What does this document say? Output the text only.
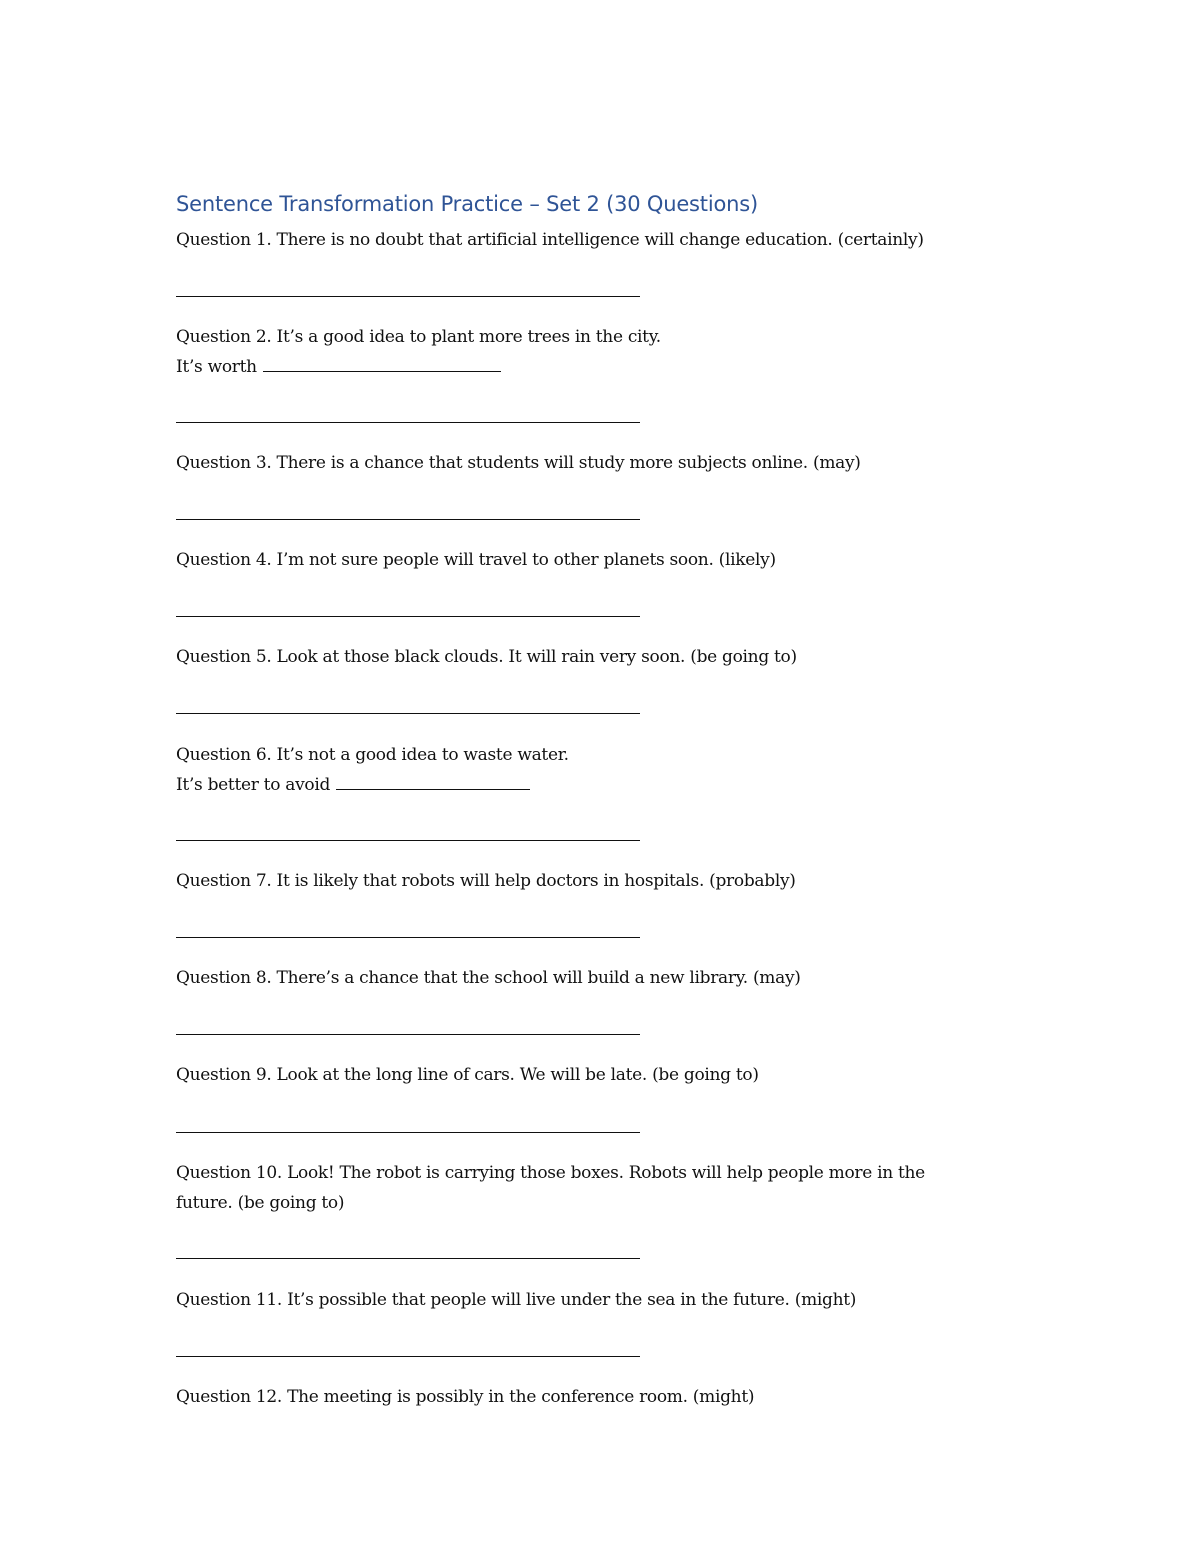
Sentence Transformation Practice – Set 2 (30 Questions)

Question 1. There is no doubt that artificial intelligence will change education. (certainly)

Question 2. It’s a good idea to plant more trees in the city.

It’s worth

Question 3. There is a chance that students will study more subjects online. (may)

Question 4. I’m not sure people will travel to other planets soon. (likely)

Question 5. Look at those black clouds. It will rain very soon. (be going to)

Question 6. It’s not a good idea to waste water.

It’s better to avoid

Question 7. It is likely that robots will help doctors in hospitals. (probably)

Question 8. There’s a chance that the school will build a new library. (may)

Question 9. Look at the long line of cars. We will be late. (be going to)

Question 10. Look! The robot is carrying those boxes. Robots will help people more in the

future. (be going to)

Question 11. It’s possible that people will live under the sea in the future. (might)

Question 12. The meeting is possibly in the conference room. (might)
